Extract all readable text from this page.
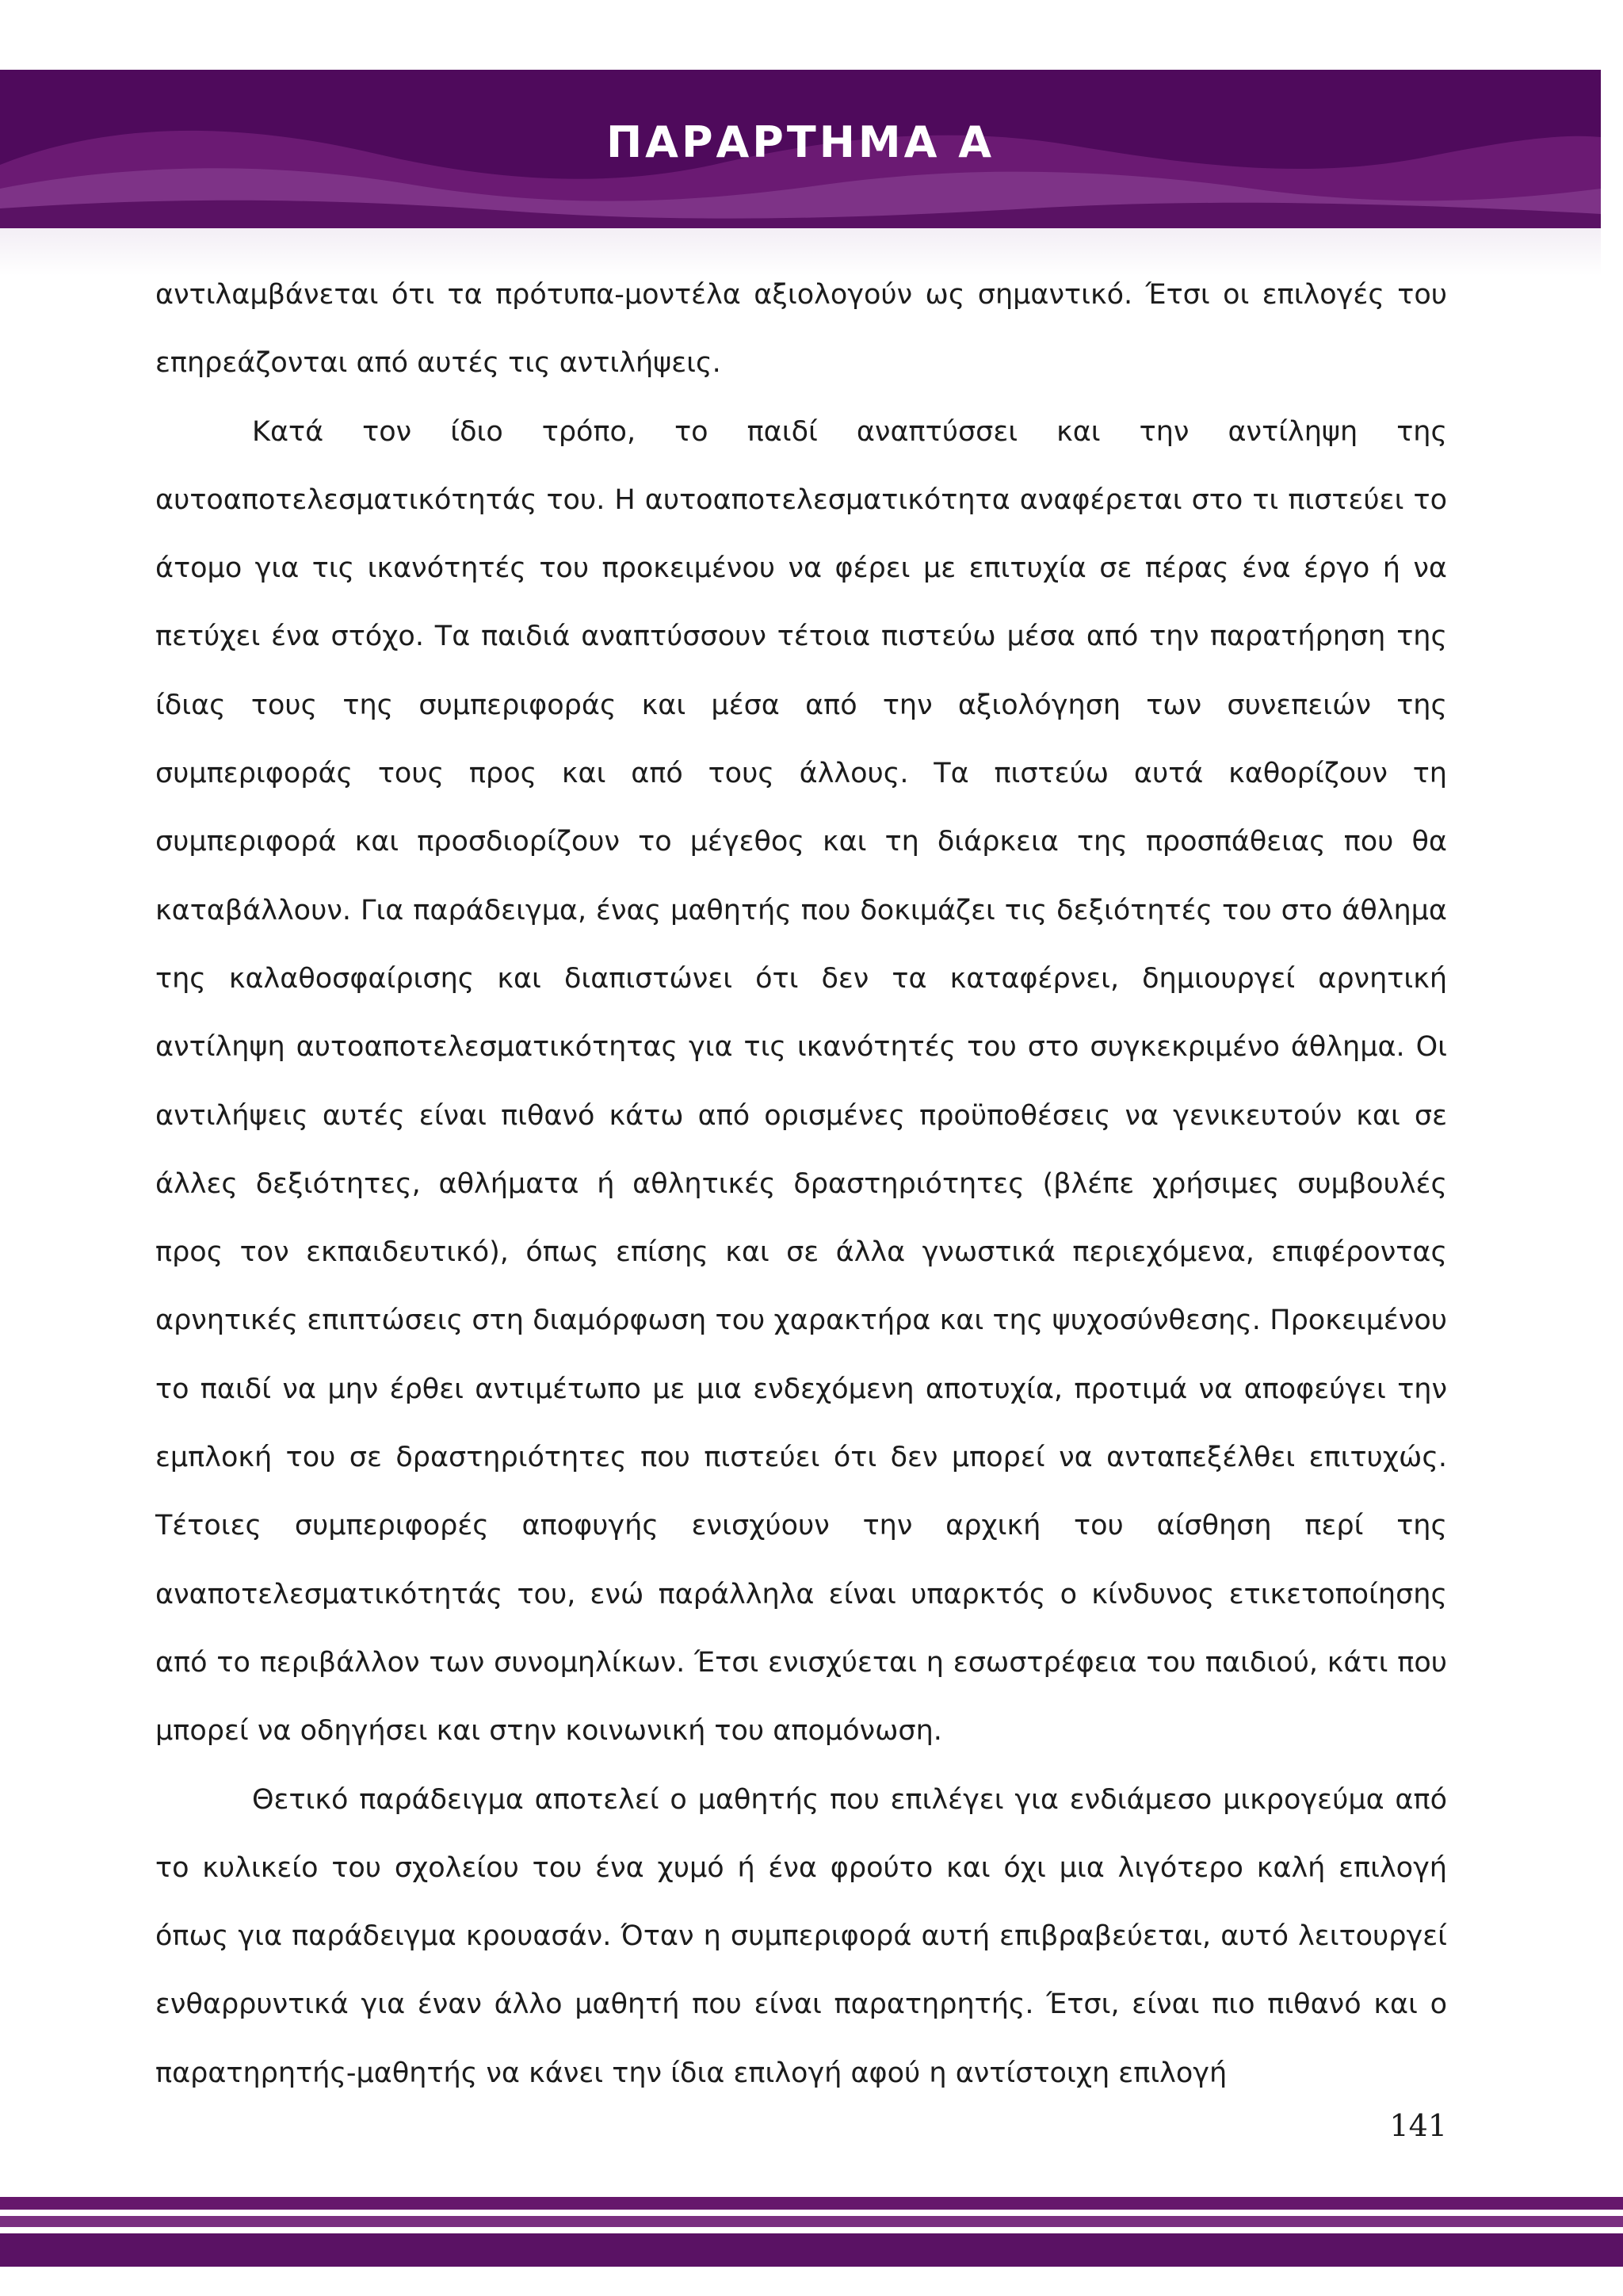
ΠΑΡΑΡΤΗΜΑ Α

αντιλαμβάνεται ότι τα πρότυπα-μοντέλα αξιολογούν ως σημαντικό. Έτσι οι επιλογές του επηρεάζονται από αυτές τις αντιλήψεις.

Κατά τον ίδιο τρόπο, το παιδί αναπτύσσει και την αντίληψη της αυτοαποτελεσματικότητάς του. Η αυτοαποτελεσματικότητα αναφέρεται στο τι πιστεύει το άτομο για τις ικανότητές του προκειμένου να φέρει με επιτυχία σε πέρας ένα έργο ή να πετύχει ένα στόχο. Τα παιδιά αναπτύσσουν τέτοια πιστεύω μέσα από την παρατήρηση της ίδιας τους της συμπεριφοράς και μέσα από την αξιολόγηση των συνεπειών της συμπεριφοράς τους προς και από τους άλλους. Τα πιστεύω αυτά καθορίζουν τη συμπεριφορά και προσδιορίζουν το μέγεθος και τη διάρκεια της προσπάθειας που θα καταβάλλουν. Για παράδειγμα, ένας μαθητής που δοκιμάζει τις δεξιότητές του στο άθλημα της καλαθοσφαίρισης και διαπιστώνει ότι δεν τα καταφέρνει, δημιουργεί αρνητική αντίληψη αυτοαποτελεσματικότητας για τις ικανότητές του στο συγκεκριμένο άθλημα. Οι αντιλήψεις αυτές είναι πιθανό κάτω από ορισμένες προϋποθέσεις να γενικευτούν και σε άλλες δεξιότητες, αθλήματα ή αθλητικές δραστηριότητες (βλέπε χρήσιμες συμβουλές προς τον εκπαιδευτικό), όπως επίσης και σε άλλα γνωστικά περιεχόμενα, επιφέροντας αρνητικές επιπτώσεις στη διαμόρφωση του χαρακτήρα και της ψυχοσύνθεσης. Προκειμένου το παιδί να μην έρθει αντιμέτωπο με μια ενδεχόμενη αποτυχία, προτιμά να αποφεύγει την εμπλοκή του σε δραστηριότητες που πιστεύει ότι δεν μπορεί να ανταπεξέλθει επιτυχώς. Τέτοιες συμπεριφορές αποφυγής ενισχύουν την αρχική του αίσθηση περί της αναποτελεσματικότητάς του, ενώ παράλληλα είναι υπαρκτός ο κίνδυνος ετικετοποίησης από το περιβάλλον των συνομηλίκων. Έτσι ενισχύεται η εσωστρέφεια του παιδιού, κάτι που μπορεί να οδηγήσει και στην κοινωνική του απομόνωση.

Θετικό παράδειγμα αποτελεί ο μαθητής που επιλέγει για ενδιάμεσο μικρογεύμα από το κυλικείο του σχολείου του ένα χυμό ή ένα φρούτο και όχι μια λιγότερο καλή επιλογή όπως για παράδειγμα κρουασάν. Όταν η συμπεριφορά αυτή επιβραβεύεται, αυτό λειτουργεί ενθαρρυντικά για έναν άλλο μαθητή που είναι παρατηρητής. Έτσι, είναι πιο πιθανό και ο παρατηρητής-μαθητής να κάνει την ίδια επιλογή αφού η αντίστοιχη επιλογή

141
